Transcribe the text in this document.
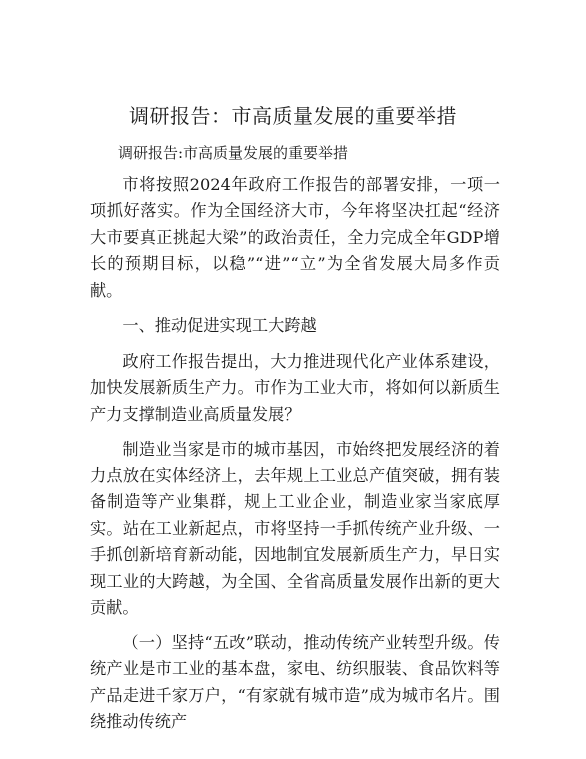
调研报告：市高质量发展的重要举措

调研报告:市高质量发展的重要举措

市将按照2024年政府工作报告的部署安排，一项一项抓好落实。作为全国经济大市，今年将坚决扛起“经济大市要真正挑起大梁”的政治责任，全力完成全年GDP增长的预期目标，以稳”“进”“立”为全省发展大局多作贡献。

一、推动促进实现工大跨越

政府工作报告提出，大力推进现代化产业体系建设，加快发展新质生产力。市作为工业大市，将如何以新质生产力支撑制造业高质量发展？

制造业当家是市的城市基因，市始终把发展经济的着力点放在实体经济上，去年规上工业总产值突破，拥有装备制造等产业集群，规上工业企业，制造业家当家底厚实。站在工业新起点，市将坚持一手抓传统产业升级、一手抓创新培育新动能，因地制宜发展新质生产力，早日实现工业的大跨越，为全国、全省高质量发展作出新的更大贡献。

（一）坚持“五改”联动，推动传统产业转型升级。传统产业是市工业的基本盘，家电、纺织服装、食品饮料等产品走进千家万户，“有家就有城市造”成为城市名片。围绕推动传统产
